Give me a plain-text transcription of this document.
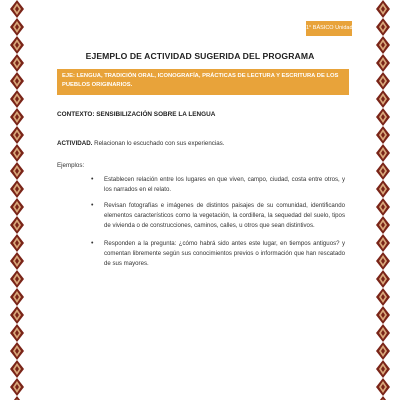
1° BÁSICO Unidad 1
EJEMPLO DE ACTIVIDAD SUGERIDA DEL PROGRAMA
EJE: LENGUA, TRADICIÓN ORAL, ICONOGRAFÍA, PRÁCTICAS DE LECTURA Y ESCRITURA DE LOS PUEBLOS ORIGINARIOS.
CONTEXTO: SENSIBILIZACIÓN SOBRE LA LENGUA
ACTIVIDAD. Relacionan lo escuchado con sus experiencias.
Ejemplos:
• Establecen relación entre los lugares en que viven, campo, ciudad, costa entre otros, y los narrados en el relato.
• Revisan fotografías e imágenes de distintos paisajes de su comunidad, identificando elementos característicos como la vegetación, la cordillera, la sequedad del suelo, tipos de vivienda o de construcciones, caminos, calles, u otros que sean distintivos.
• Responden a la pregunta: ¿cómo habrá sido antes este lugar, en tiempos antiguos? y comentan libremente según sus conocimientos previos o información que han rescatado de sus mayores.
